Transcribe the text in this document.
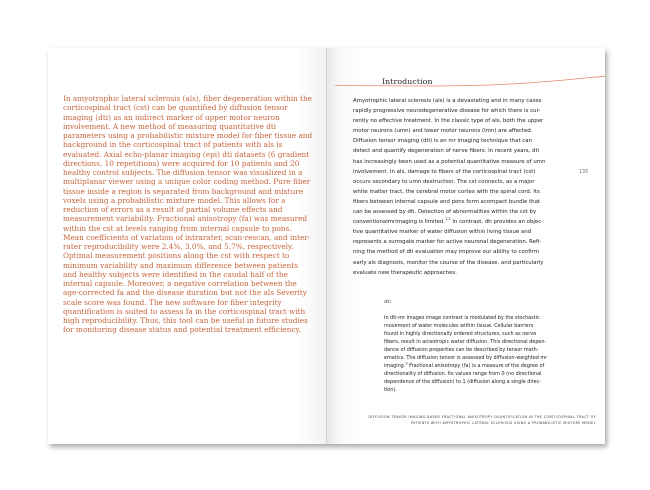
In amyotrophic lateral sclerosis (als), fiber degeneration within the corticospinal tract (cst) can be quantified by diffusion tensor imaging (dti) as an indirect marker of upper motor neuron involvement. A new method of measuring quantitative dti parameters using a probabilistic mixture model for fiber tissue and background in the corticospinal tract of patients with als is evaluated. Axial echo-planar imaging (epi) dti datasets (6 gradient directions, 10 repetitions) were acquired for 10 patients and 20 healthy control subjects. The diffusion tensor was visualized in a multiplanar viewer using a unique color coding method. Pure fiber tissue inside a region is separated from background and mixture voxels using a probabilistic mixture model. This allows for a reduction of errors as a result of partial volume effects and measurement variability. Fractional anisotropy (fa) was measured within the cst at levels ranging from internal capsule to pons. Mean coefficients of variation of intrarater, scan-rescan, and inter-rater reproducibility were 2.4%, 3.0%, and 5.7%, respectively. Optimal measurement positions along the cst with respect to minimum variability and maximum difference between patients and healthy subjects were identified in the caudal half of the internal capsule. Moreover, a negative correlation between the age-corrected fa and the disease duration but not the als Severity scale score was found. The new software for fiber integrity quantification is suited to assess fa in the corticospinal tract with high reproducibility. Thus, this tool can be useful in future studies for monitoring disease status and potential treatment efficiency.

Introduction
Amyotrophic lateral sclerosis (als) is a devastating and in many cases
rapidly progressive neurodegenerative disease for which there is cur-
rently no effective treatment. In the classic type of als, both the upper
motor neurons (umn) and lower motor neurons (lmn) are affected.
Diffusion tensor imaging (dti) is an mr imaging technique that can
detect and quantify degeneration of nerve fibers. In recent years, dti
has increasingly been used as a potential quantitative measure of umn
involvement. In als, damage to fibers of the corticospinal tract (cst)
occurs secondary to umn destruction. The cst connects, as a major
white matter tract, the cerebral motor cortex with the spinal cord. Its
fibers between internal capsule and pons form acompact bundle that
can be assessed by dti. Detection of abnormalities within the cst by
conventionalmrimaging is limited.$^{1,2}$ In contrast, dti provides an objec-
tive quantitative marker of water diffusion within living tissue and
represents a surrogate marker for active neuronal degeneration. Refi-
ning the method of dti evaluation may improve our ability to confirm
early als diagnosis, monitor the course of the disease, and particularly
evaluate new therapeutic approaches.
135
dti
In dti-mr images image contrast is modulated by the stochastic
movement of water molecules within tissue. Cellular barriers
found in highly directionally ordered structures, such as nerve
fibers, result in anisotropic water diffusion. This directional depen-
dence of diffusion properties can be described by tensor math-
ematics. The diffusion tensor is assessed by diffusion-weighted mr
imaging.$^3$ Fractional anisotropy (fa) is a measure of the degree of
directionality of diffusion. Its values range from 0 (no directional
dependence of the diffusion) to 1 (diffusion along a single direc-
tion).
DIFFUSION TENSOR IMAGING BASED FRACTIONAL ANISOTROPY QUANTIFICATION IN THE CORTICOSPINAL TRACT OF
PATIENTS WITH AMYOTROPHIC LATERAL SCLEROSIS USING A PROBABILISTIC MIXTURE MODEL
